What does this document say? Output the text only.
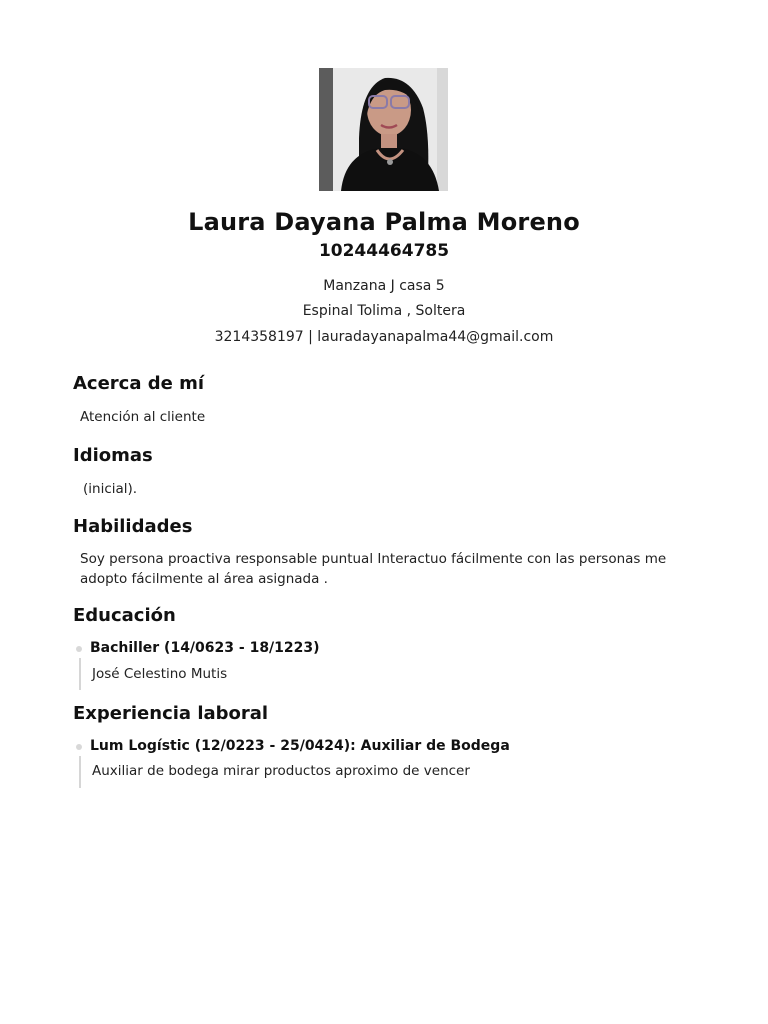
Laura Dayana Palma Moreno
10244464785
Manzana J casa 5
Espinal Tolima , Soltera
3214358197 | lauradayanapalma44@gmail.com
Acerca de mí
Atención al cliente
Idiomas
(inicial).
Habilidades
Soy persona proactiva responsable puntual Interactuo fácilmente con las personas me adopto fácilmente al área asignada .
Educación
Bachiller (14/0623 - 18/1223)
José Celestino Mutis
Experiencia laboral
Lum Logístic (12/0223 - 25/0424): Auxiliar de Bodega
Auxiliar de bodega mirar productos aproximo de vencer
